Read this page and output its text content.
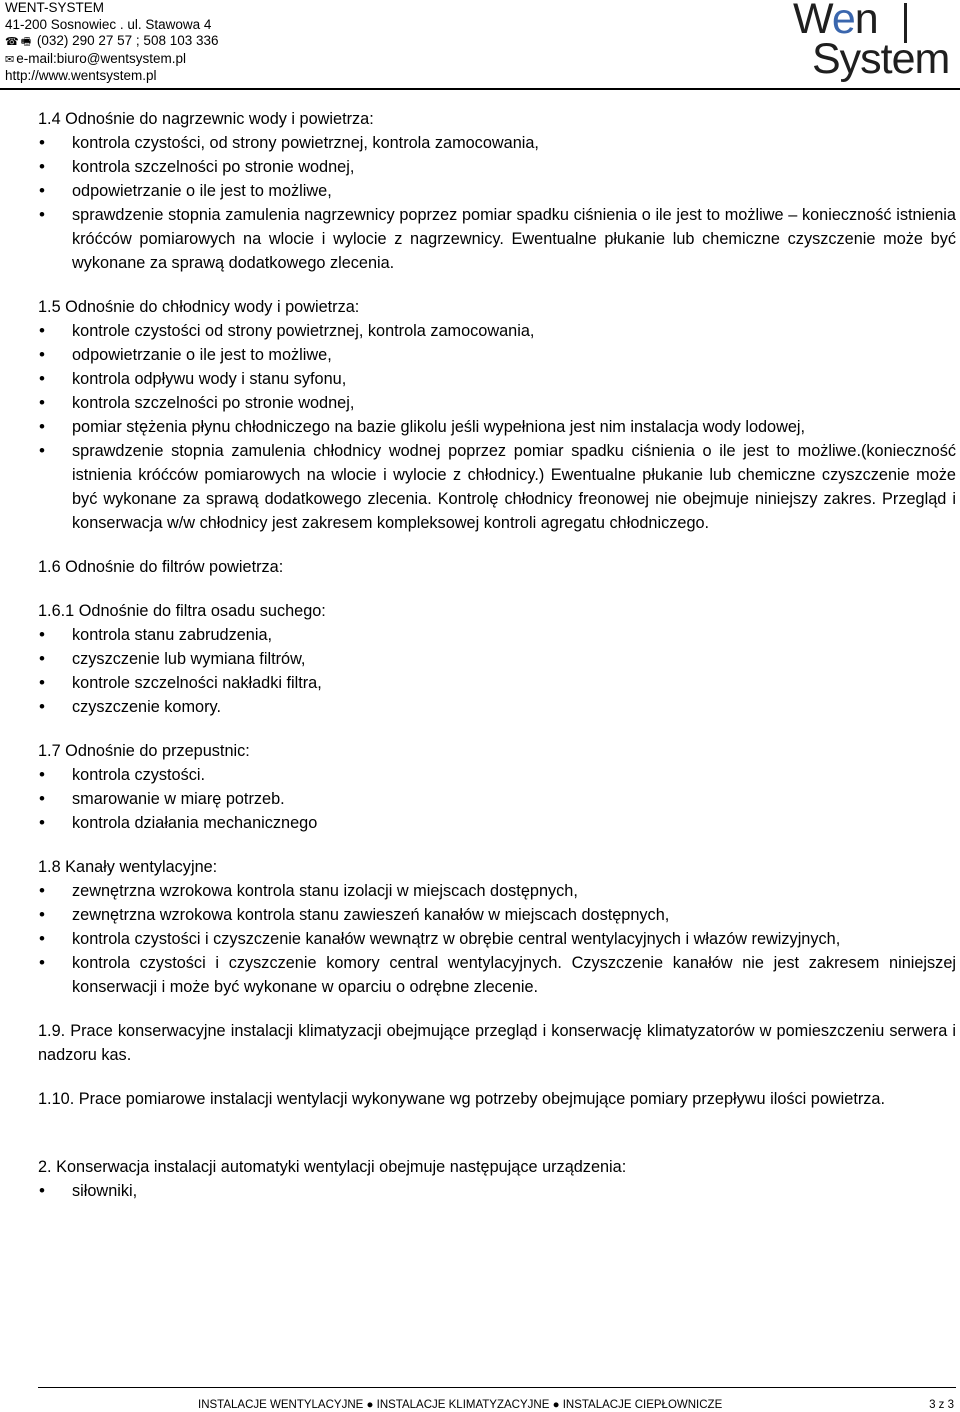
WENT-SYSTEM
41-200 Sosnowiec . ul. Stawowa 4
☎ 🖷 (032) 290 27 57 ; 508 103 336
✉ e-mail:biuro@wentsystem.pl
http://www.wentsystem.pl
Wen
System

1.4 Odnośnie do nagrzewnic wody i powietrza:

• kontrola czystości, od strony powietrznej, kontrola zamocowania,
• kontrola szczelności po stronie wodnej,
• odpowietrzanie o ile jest to możliwe,
• sprawdzenie stopnia zamulenia nagrzewnicy poprzez pomiar spadku ciśnienia o ile jest to możliwe – konieczność istnienia króćców pomiarowych na wlocie i wylocie z nagrzewnicy. Ewentualne płukanie lub chemiczne czyszczenie może być wykonane za sprawą dodatkowego zlecenia.

1.5 Odnośnie do chłodnicy wody i powietrza:

• kontrole czystości od strony powietrznej, kontrola zamocowania,
• odpowietrzanie o ile jest to możliwe,
• kontrola odpływu wody i stanu syfonu,
• kontrola szczelności po stronie wodnej,
• pomiar stężenia płynu chłodniczego na bazie glikolu jeśli wypełniona jest nim instalacja wody lodowej,
• sprawdzenie stopnia zamulenia chłodnicy wodnej poprzez pomiar spadku ciśnienia o ile jest to możliwe.(konieczność istnienia króćców pomiarowych na wlocie i wylocie z chłodnicy.) Ewentualne płukanie lub chemiczne czyszczenie może być wykonane za sprawą dodatkowego zlecenia. Kontrolę chłodnicy freonowej nie obejmuje niniejszy zakres. Przegląd i konserwacja w/w chłodnicy jest zakresem kompleksowej kontroli agregatu chłodniczego.

1.6 Odnośnie do filtrów powietrza:

1.6.1 Odnośnie do filtra osadu suchego:

• kontrola stanu zabrudzenia,
• czyszczenie lub wymiana filtrów,
• kontrole szczelności nakładki filtra,
• czyszczenie komory.

1.7 Odnośnie do przepustnic:

• kontrola czystości.
• smarowanie w miarę potrzeb.
• kontrola działania mechanicznego

1.8 Kanały wentylacyjne:

• zewnętrzna wzrokowa kontrola stanu izolacji w miejscach dostępnych,
• zewnętrzna wzrokowa kontrola stanu zawieszeń kanałów w miejscach dostępnych,
• kontrola czystości i czyszczenie kanałów wewnątrz w obrębie central wentylacyjnych i włazów rewizyjnych,
• kontrola czystości i czyszczenie komory central wentylacyjnych. Czyszczenie kanałów nie jest zakresem niniejszej konserwacji i może być wykonane w oparciu o odrębne zlecenie.

1.9. Prace konserwacyjne instalacji klimatyzacji obejmujące przegląd i konserwację klimatyzatorów w pomieszczeniu serwera i nadzoru kas.

1.10. Prace pomiarowe instalacji wentylacji wykonywane wg potrzeby obejmujące pomiary przepływu ilości powietrza.

2. Konserwacja instalacji automatyki wentylacji obejmuje następujące urządzenia:

• siłowniki,
INSTALACJE WENTYLACYJNE ● INSTALACJE KLIMATYZACYJNE ● INSTALACJE CIEPŁOWNICZE	3 z 3
